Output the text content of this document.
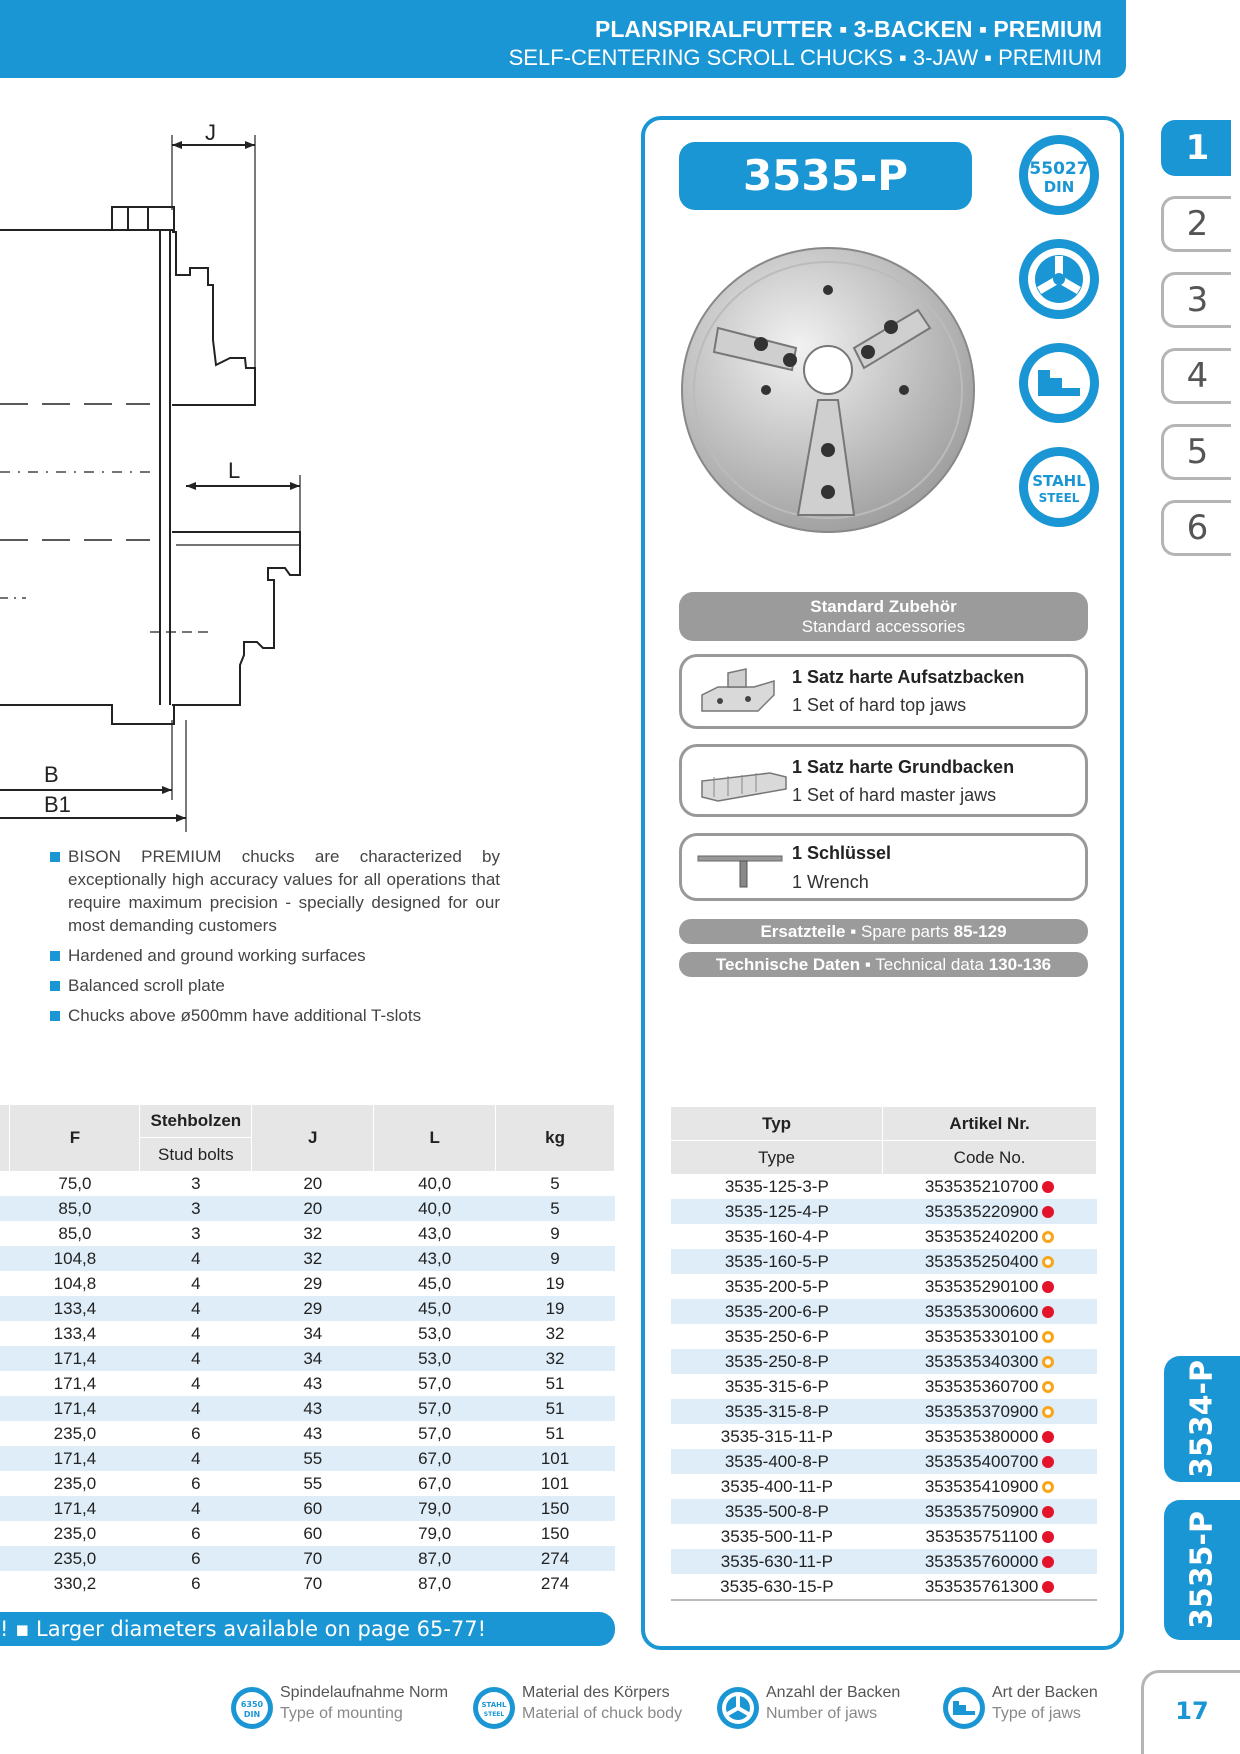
PLANSPIRALFUTTER ▪ 3-BACKEN ▪ PREMIUM
SELF-CENTERING SCROLL CHUCKS ▪ 3-JAW ▪ PREMIUM
J
L
B
B1
BISON PREMIUM chucks are characterized by exceptionally high accuracy values for all operations that require maximum precision - specially designed for our most demanding customers
Hardened and ground working surfaces
Balanced scroll plate
Chucks above ø500mm have additional T-slots
3535-P	55027
DIN
STAHL
STEEL
Standard Zubehör
Standard accessories
1 Satz harte Aufsatzbacken
1 Set of hard top jaws
1 Satz harte Grundbacken
1 Set of hard master jaws
1 Schlüssel
1 Wrench
Ersatzteile ▪ Spare parts 85-129
Technische Daten ▪ Technical data 130-136
1
2
3
4
5
6
3534-P
3535-P
	F	Stehbolzen	J	L	kg
		Stud bolts			
	75,0	3	20	40,0	5
	85,0	3	20	40,0	5
	85,0	3	32	43,0	9
	104,8	4	32	43,0	9
	104,8	4	29	45,0	19
	133,4	4	29	45,0	19
	133,4	4	34	53,0	32
	171,4	4	34	53,0	32
	171,4	4	43	57,0	51
	171,4	4	43	57,0	51
	235,0	6	43	57,0	51
	171,4	4	55	67,0	101
	235,0	6	55	67,0	101
	171,4	4	60	79,0	150
	235,0	6	60	79,0	150
	235,0	6	70	87,0	274
	330,2	6	70	87,0	274
Typ	Artikel Nr.
Type	Code No.
3535-125-3-P	353535210700
3535-125-4-P	353535220900
3535-160-4-P	353535240200
3535-160-5-P	353535250400
3535-200-5-P	353535290100
3535-200-6-P	353535300600
3535-250-6-P	353535330100
3535-250-8-P	353535340300
3535-315-6-P	353535360700
3535-315-8-P	353535370900
3535-315-11-P	353535380000
3535-400-8-P	353535400700
3535-400-11-P	353535410900
3535-500-8-P	353535750900
3535-500-11-P	353535751100
3535-630-11-P	353535760000
3535-630-15-P	353535761300
! ▪ Larger diameters available on page 65-77!
6350
DIN
Spindelaufnahme Norm
Type of mounting	STAHL
STEEL
Material des Körpers
Material of chuck body
Anzahl der Backen
Number of jaws
Art der Backen
Type of jaws	17
